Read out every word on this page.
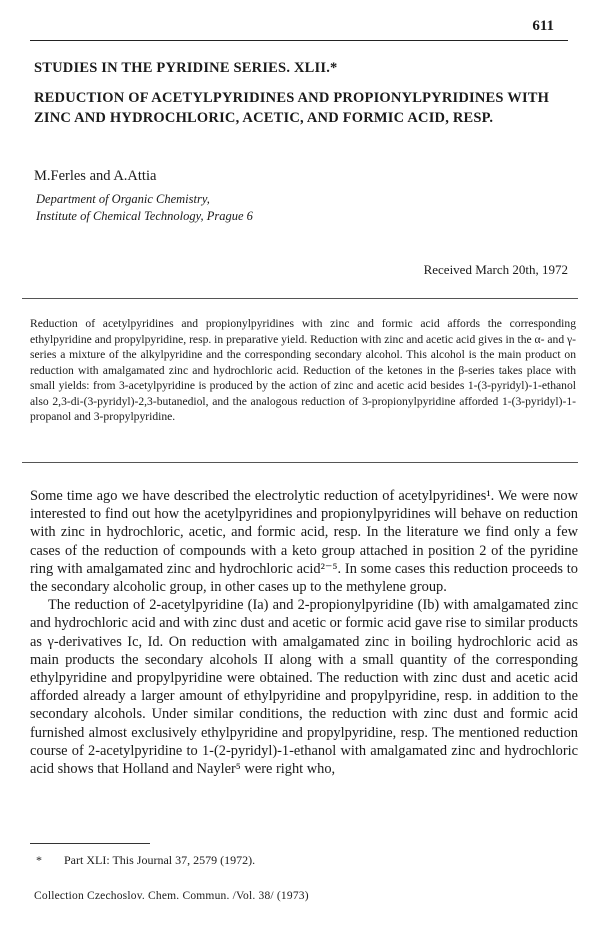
611
STUDIES IN THE PYRIDINE SERIES. XLII.*
REDUCTION OF ACETYLPYRIDINES AND PROPIONYLPYRIDINES WITH ZINC AND HYDROCHLORIC, ACETIC, AND FORMIC ACID, RESP.
M.Ferles and A.Attia
Department of Organic Chemistry,
Institute of Chemical Technology, Prague 6
Received March 20th, 1972
Reduction of acetylpyridines and propionylpyridines with zinc and formic acid affords the corresponding ethylpyridine and propylpyridine, resp. in preparative yield. Reduction with zinc and acetic acid gives in the α- and γ-series a mixture of the alkylpyridine and the corresponding secondary alcohol. This alcohol is the main product on reduction with amalgamated zinc and hydrochloric acid. Reduction of the ketones in the β-series takes place with small yields: from 3-acetylpyridine is produced by the action of zinc and acetic acid besides 1-(3-pyridyl)-1-ethanol also 2,3-di-(3-pyridyl)-2,3-butanediol, and the analogous reduction of 3-propionylpyridine afforded 1-(3-pyridyl)-1-propanol and 3-propylpyridine.

Some time ago we have described the electrolytic reduction of acetylpyridines¹. We were now interested to find out how the acetylpyridines and propionylpyridines will behave on reduction with zinc in hydrochloric, acetic, and formic acid, resp. In the literature we find only a few cases of the reduction of compounds with a keto group attached in position 2 of the pyridine ring with amalgamated zinc and hydrochloric acid²⁻⁵. In some cases this reduction proceeds to the secondary alcoholic group, in other cases up to the methylene group.

The reduction of 2-acetylpyridine (Ia) and 2-propionylpyridine (Ib) with amalgamated zinc and hydrochloric acid and with zinc dust and acetic or formic acid gave rise to similar products as γ-derivatives Ic, Id. On reduction with amalgamated zinc in boiling hydrochloric acid as main products the secondary alcohols II along with a small quantity of the corresponding ethylpyridine and propylpyridine were obtained. The reduction with zinc dust and acetic acid afforded already a larger amount of ethylpyridine and propylpyridine, resp. in addition to the secondary alcohols. Under similar conditions, the reduction with zinc dust and formic acid furnished almost exclusively ethylpyridine and propylpyridine, resp. The mentioned reduction course of 2-acetylpyridine to 1-(2-pyridyl)-1-ethanol with amalgamated zinc and hydrochloric acid shows that Holland and Nayler⁵ were right who,

* Part XLI: This Journal 37, 2579 (1972).
Collection Czechoslov. Chem. Commun. /Vol. 38/ (1973)
